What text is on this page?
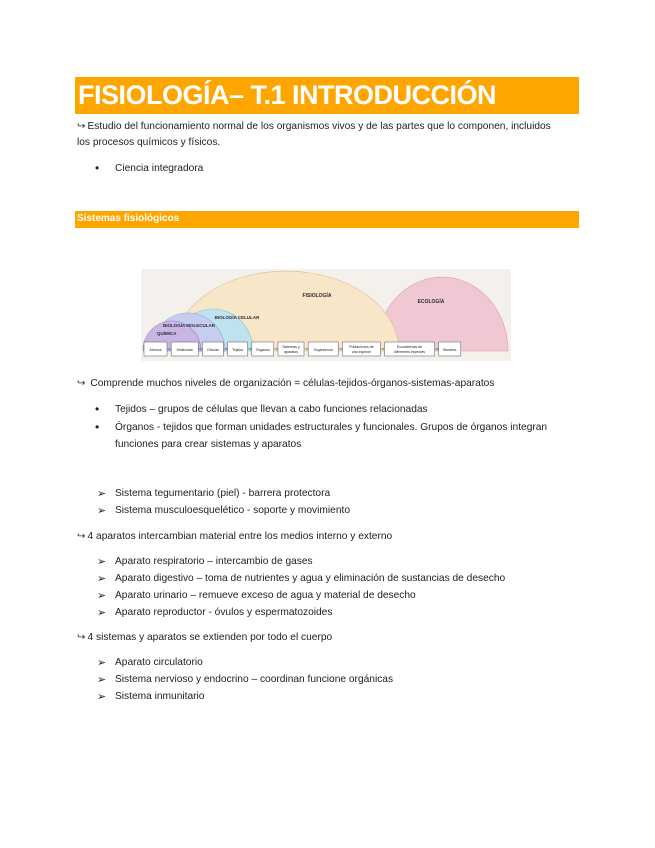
FISIOLOGÍA– T.1 INTRODUCCIÓN
↪ Estudio del funcionamiento normal de los organismos vivos y de las partes que lo componen, incluidos
los procesos químicos y físicos.
• Ciencia integradora
Sistemas fisiológicos
QUÍMICA
BIOLOGÍA MOLECULAR
BIOLOGÍA CELULAR
FISIOLOGÍA
ECOLOGÍA
Átomos	Moléculas	Células	Tejidos	Órganos
Sistemas y
aparatos	Organismos
Poblaciones de
una especie
Ecosistemas de
diferentes especies	Biosfera
↪ Comprende muchos niveles de organización = células-tejidos-órganos-sistemas-aparatos
• Tejidos – grupos de células que llevan a cabo funciones relacionadas
• Órganos - tejidos que forman unidades estructurales y funcionales. Grupos de órganos integran
funciones para crear sistemas y aparatos
➢ Sistema tegumentario (piel) - barrera protectora
➢ Sistema musculoesquelético - soporte y movimiento
↪ 4 aparatos intercambian material entre los medios interno y externo
➢ Aparato respiratorio – intercambio de gases
➢ Aparato digestivo – toma de nutrientes y agua y eliminación de sustancias de desecho
➢ Aparato urinario – remueve exceso de agua y material de desecho
➢ Aparato reproductor - óvulos y espermatozoides
↪ 4 sistemas y aparatos se extienden por todo el cuerpo
➢ Aparato circulatorio
➢ Sistema nervioso y endocrino – coordinan funcione orgánicas
➢ Sistema inmunitario
